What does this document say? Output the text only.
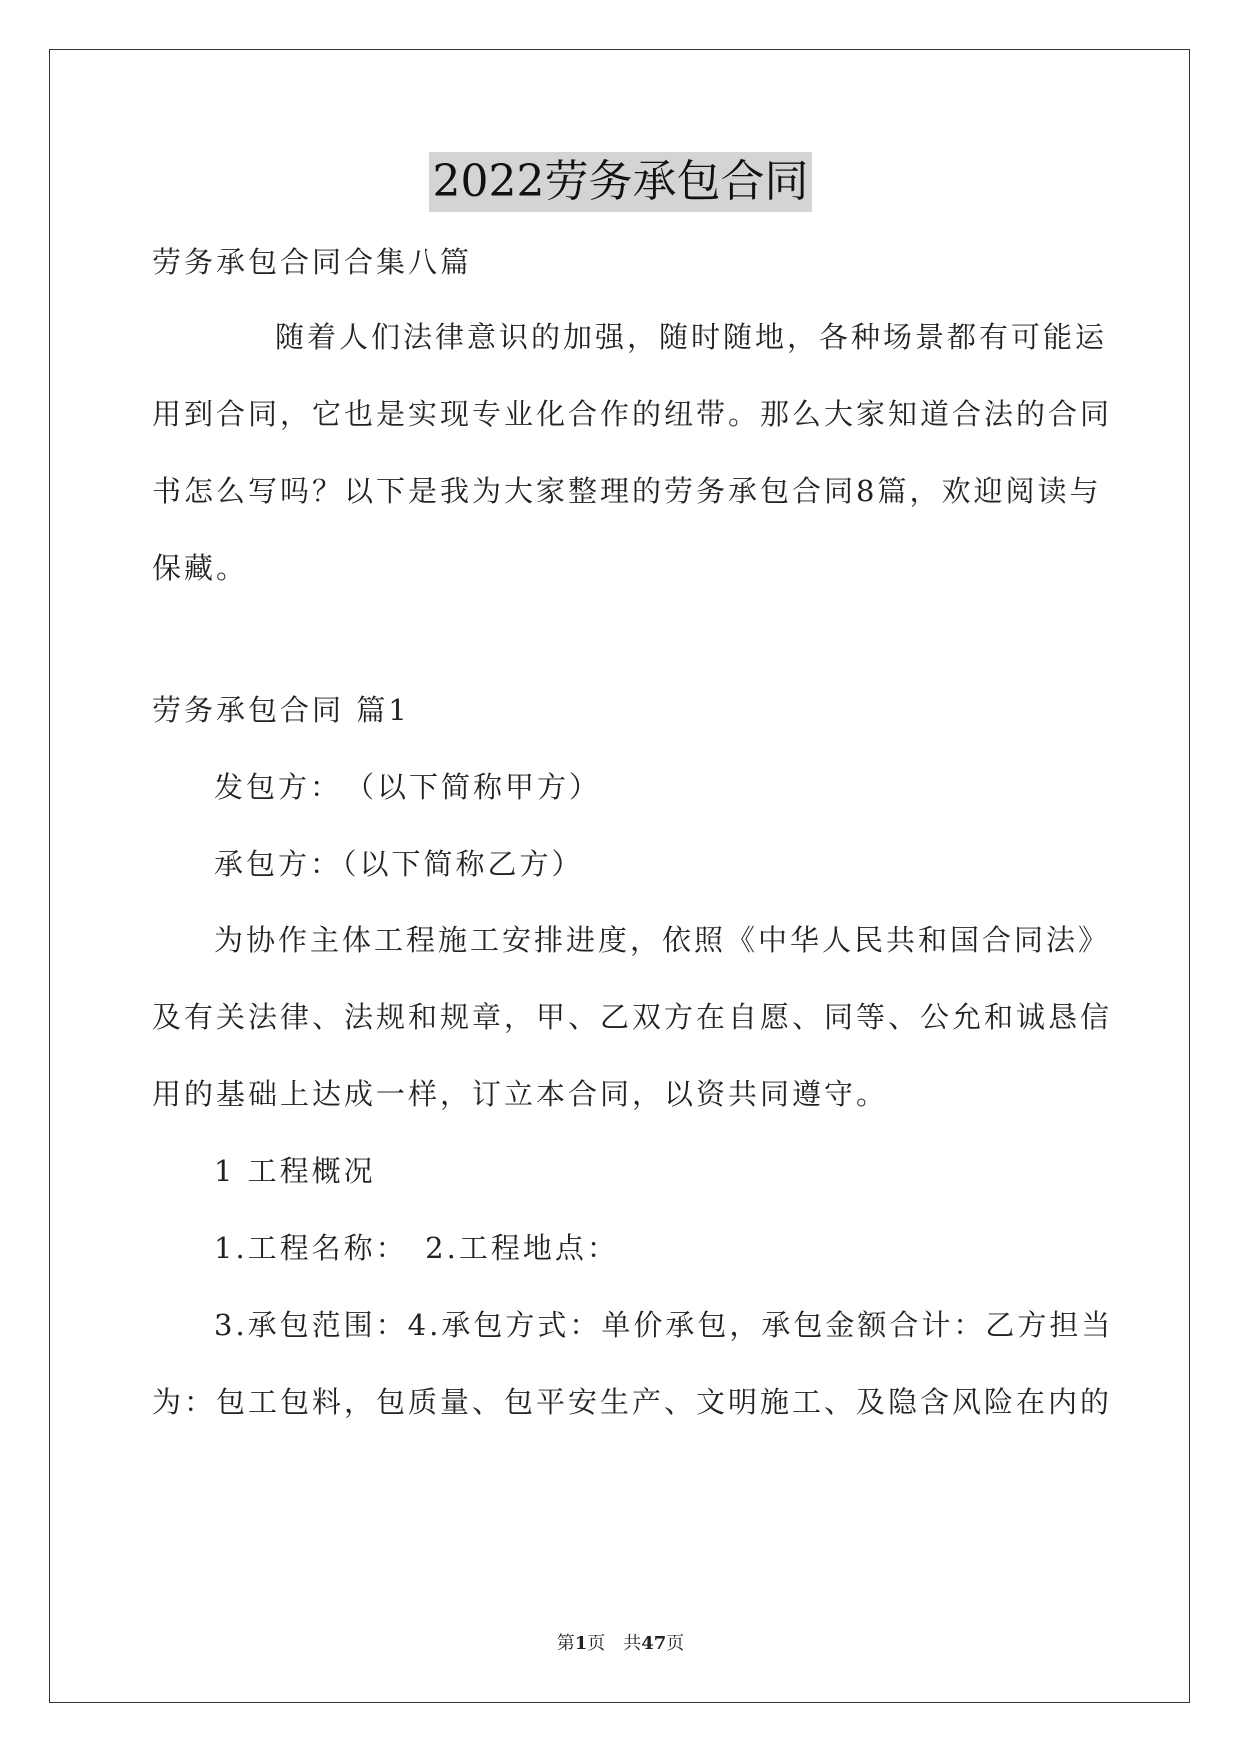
2022劳务承包合同
劳务承包合同合集八篇
随着人们法律意识的加强，随时随地，各种场景都有可能运
用到合同，它也是实现专业化合作的纽带。那么大家知道合法的合同
书怎么写吗？以下是我为大家整理的劳务承包合同8篇，欢迎阅读与
保藏。
劳务承包合同 篇1
发包方：　（以下简称甲方）
承包方：（以下简称乙方）
为协作主体工程施工安排进度，依照《中华人民共和国合同法》
及有关法律、法规和规章，甲、乙双方在自愿、同等、公允和诚恳信
用的基础上达成一样，订立本合同，以资共同遵守。
1 工程概况
1.工程名称：　2.工程地点：
3.承包范围：4.承包方式：单价承包，承包金额合计：乙方担当
为：包工包料，包质量、包平安生产、文明施工、及隐含风险在内的
第1页　共47页
